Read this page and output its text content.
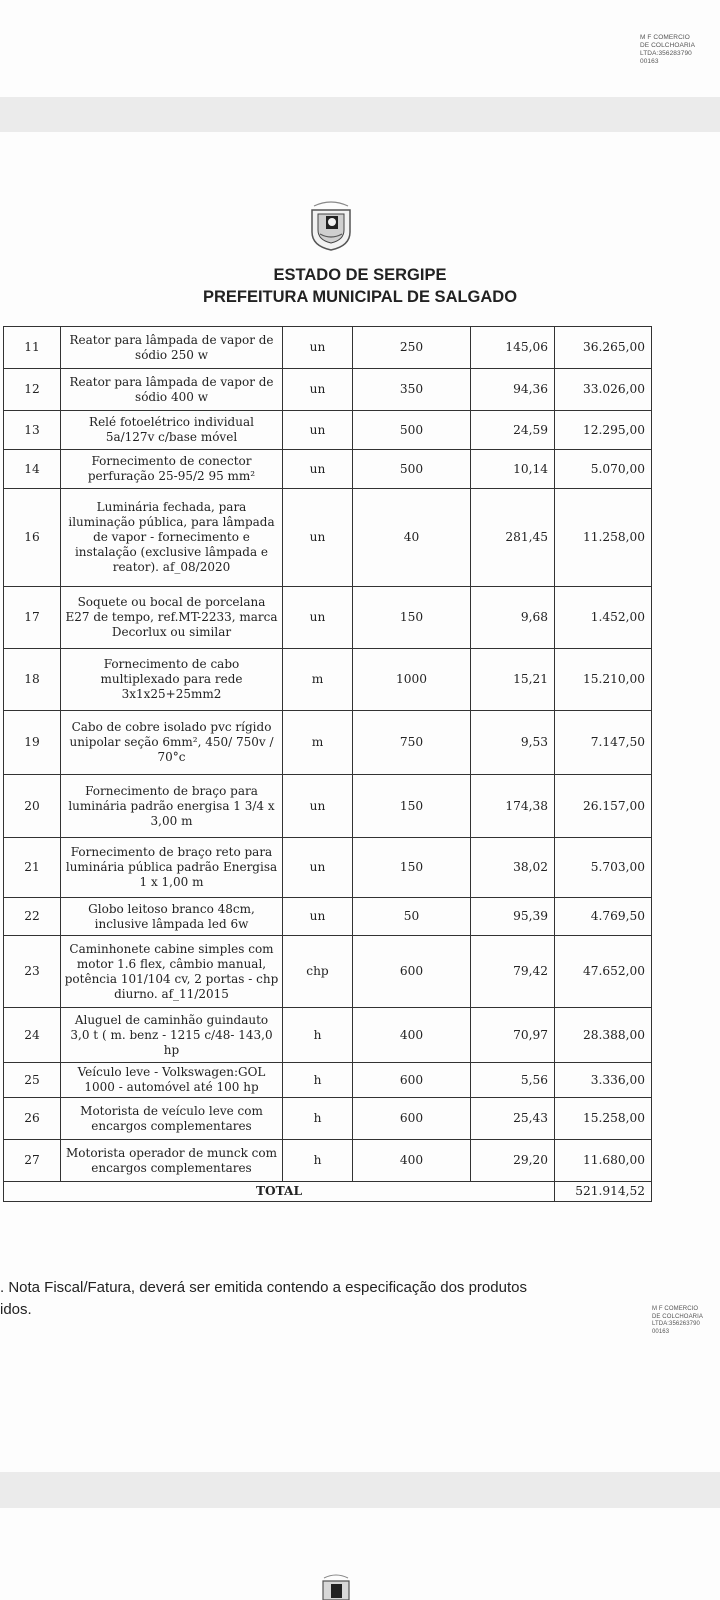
M F COMERCIO
DE COLCHOARIA
LTDA:356283790
00163
ESTADO DE SERGIPE
PREFEITURA MUNICIPAL DE SALGADO
11	Reator para lâmpada de vapor de sódio 250 w	un	250	145,06	36.265,00
12	Reator para lâmpada de vapor de sódio 400 w	un	350	94,36	33.026,00
13	Relé fotoelétrico individual 5a/127v c/base móvel	un	500	24,59	12.295,00
14	Fornecimento de conector perfuração 25-95/2 95 mm²	un	500	10,14	5.070,00
16	Luminária fechada, para iluminação pública, para lâmpada de vapor - fornecimento e instalação (exclusive lâmpada e reator). af_08/2020	un	40	281,45	11.258,00
17	Soquete ou bocal de porcelana E27 de tempo, ref.MT-2233, marca Decorlux ou similar	un	150	9,68	1.452,00
18	Fornecimento de cabo multiplexado para rede 3x1x25+25mm2	m	1000	15,21	15.210,00
19	Cabo de cobre isolado pvc rígido unipolar seção 6mm², 450/ 750v / 70°c	m	750	9,53	7.147,50
20	Fornecimento de braço para luminária padrão energisa 1 3/4 x 3,00 m	un	150	174,38	26.157,00
21	Fornecimento de braço reto para luminária pública padrão Energisa 1 x 1,00 m	un	150	38,02	5.703,00
22	Globo leitoso branco 48cm, inclusive lâmpada led 6w	un	50	95,39	4.769,50
23	Caminhonete cabine simples com motor 1.6 flex, câmbio manual, potência 101/104 cv, 2 portas - chp diurno. af_11/2015	chp	600	79,42	47.652,00
24	Aluguel de caminhão guindauto 3,0 t ( m. benz - 1215 c/48- 143,0 hp	h	400	70,97	28.388,00
25	Veículo leve - Volkswagen:GOL 1000 - automóvel até 100 hp	h	600	5,56	3.336,00
26	Motorista de veículo leve com encargos complementares	h	600	25,43	15.258,00
27	Motorista operador de munck com encargos complementares	h	400	29,20	11.680,00
TOTAL					521.914,52
. Nota Fiscal/Fatura, deverá ser emitida contendo a especificação dos produtos
idos.	M F COMERCIO
DE COLCHOARIA
LTDA:356263790
00163
